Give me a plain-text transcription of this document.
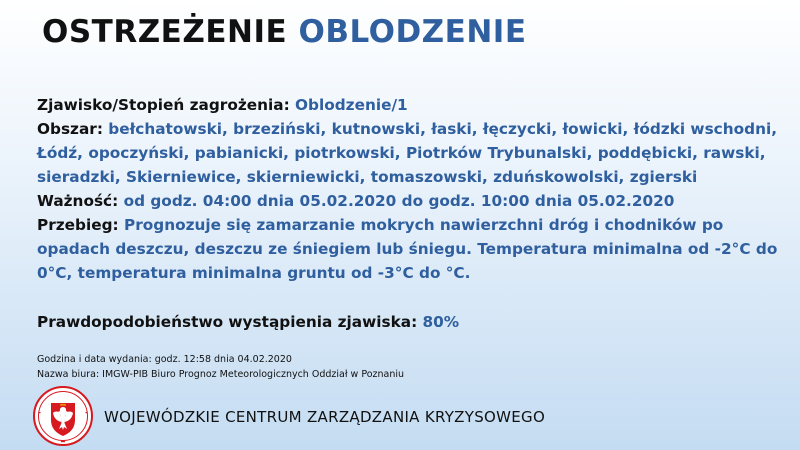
OSTRZEŻENIE OBLODZENIE

Zjawisko/Stopień zagrożenia: Oblodzenie/1

Obszar: bełchatowski, brzeziński, kutnowski, łaski, łęczycki, łowicki, łódzki wschodni, Łódź, opoczyński, pabianicki, piotrkowski, Piotrków Trybunalski, poddębicki, rawski, sieradzki, Skierniewice, skierniewicki, tomaszowski, zduńskowolski, zgierski

Ważność: od godz. 04:00 dnia 05.02.2020 do godz. 10:00 dnia 05.02.2020

Przebieg: Prognozuje się zamarzanie mokrych nawierzchni dróg i chodników po opadach deszczu, deszczu ze śniegiem lub śniegu. Temperatura minimalna od -2°C do 0°C, temperatura minimalna gruntu od -3°C do °C.

Prawdopodobieństwo wystąpienia zjawiska: 80%
Godzina i data wydania: godz. 12:58 dnia 04.02.2020
Nazwa biura: IMGW-PIB Biuro Prognoz Meteorologicznych Oddział w Poznaniu
WOJEWÓDZKIE CENTRUM ZARZĄDZANIA KRYZYSOWEGO
